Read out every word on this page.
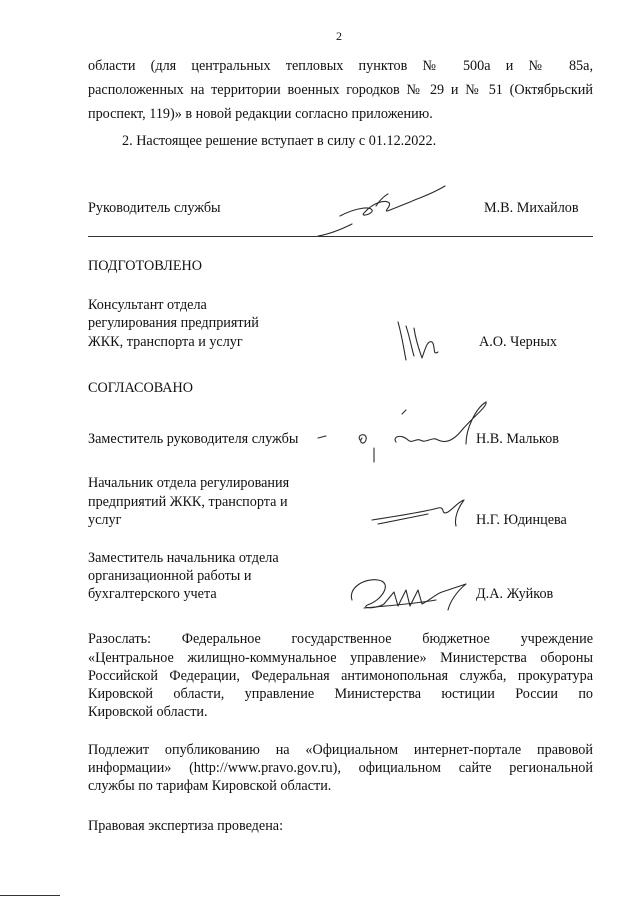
2
области (для центральных тепловых пунктов № 500а и № 85а,
расположенных на территории военных городков № 29 и № 51 (Октябрьский
проспект, 119)» в новой редакции согласно приложению.
2. Настоящее решение вступает в силу с 01.12.2022.
Руководитель службы	М.В. Михайлов
ПОДГОТОВЛЕНО
Консультант отдела
регулирования предприятий
ЖКК, транспорта и услуг	А.О. Черных
СОГЛАСОВАНО
Заместитель руководителя службы	Н.В. Мальков
Начальник отдела регулирования
предприятий ЖКК, транспорта и
услуг	Н.Г. Юдинцева
Заместитель начальника отдела
организационной работы и
бухгалтерского учета	Д.А. Жуйков
Разослать: Федеральное государственное бюджетное учреждение
«Центральное жилищно-коммунальное управление» Министерства обороны
Российской Федерации, Федеральная антимонопольная служба, прокуратура
Кировской области, управление Министерства юстиции России по
Кировской области.
Подлежит опубликованию на «Официальном интернет-портале правовой
информации» (http://www.pravo.gov.ru), официальном сайте региональной
службы по тарифам Кировской области.
Правовая экспертиза проведена:
